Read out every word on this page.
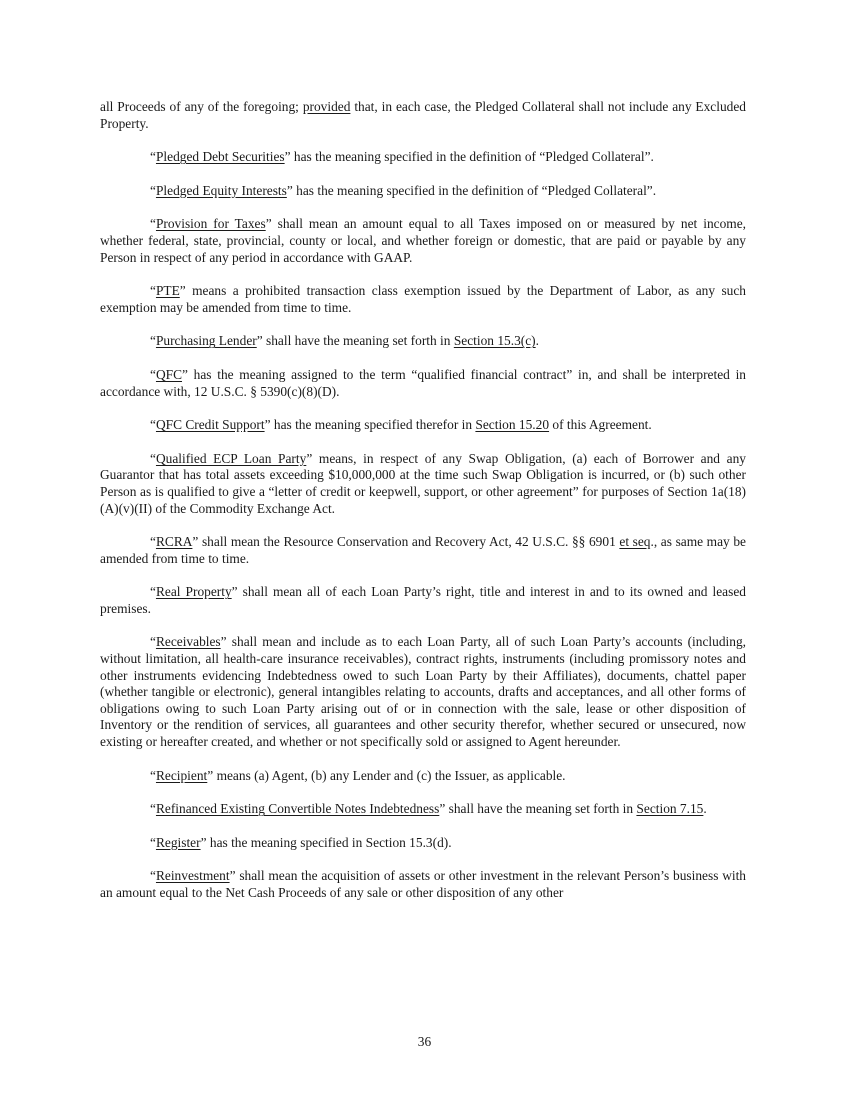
all Proceeds of any of the foregoing; provided that, in each case, the Pledged Collateral shall not include any Excluded Property.

“Pledged Debt Securities” has the meaning specified in the definition of “Pledged Collateral”.

“Pledged Equity Interests” has the meaning specified in the definition of “Pledged Collateral”.

“Provision for Taxes” shall mean an amount equal to all Taxes imposed on or measured by net income, whether federal, state, provincial, county or local, and whether foreign or domestic, that are paid or payable by any Person in respect of any period in accordance with GAAP.

“PTE” means a prohibited transaction class exemption issued by the Department of Labor, as any such exemption may be amended from time to time.

“Purchasing Lender” shall have the meaning set forth in Section 15.3(c).

“QFC” has the meaning assigned to the term “qualified financial contract” in, and shall be interpreted in accordance with, 12 U.S.C. § 5390(c)(8)(D).

“QFC Credit Support” has the meaning specified therefor in Section 15.20 of this Agreement.

“Qualified ECP Loan Party” means, in respect of any Swap Obligation, (a) each of Borrower and any Guarantor that has total assets exceeding $10,000,000 at the time such Swap Obligation is incurred, or (b) such other Person as is qualified to give a “letter of credit or keepwell, support, or other agreement” for purposes of Section 1a(18)(A)(v)(II) of the Commodity Exchange Act.

“RCRA” shall mean the Resource Conservation and Recovery Act, 42 U.S.C. §§ 6901 et seq., as same may be amended from time to time.

“Real Property” shall mean all of each Loan Party’s right, title and interest in and to its owned and leased premises.

“Receivables” shall mean and include as to each Loan Party, all of such Loan Party’s accounts (including, without limitation, all health-care insurance receivables), contract rights, instruments (including promissory notes and other instruments evidencing Indebtedness owed to such Loan Party by their Affiliates), documents, chattel paper (whether tangible or electronic), general intangibles relating to accounts, drafts and acceptances, and all other forms of obligations owing to such Loan Party arising out of or in connection with the sale, lease or other disposition of Inventory or the rendition of services, all guarantees and other security therefor, whether secured or unsecured, now existing or hereafter created, and whether or not specifically sold or assigned to Agent hereunder.

“Recipient” means (a) Agent, (b) any Lender and (c) the Issuer, as applicable.

“Refinanced Existing Convertible Notes Indebtedness” shall have the meaning set forth in Section 7.15.

“Register” has the meaning specified in Section 15.3(d).

“Reinvestment” shall mean the acquisition of assets or other investment in the relevant Person’s business with an amount equal to the Net Cash Proceeds of any sale or other disposition of any other

36
